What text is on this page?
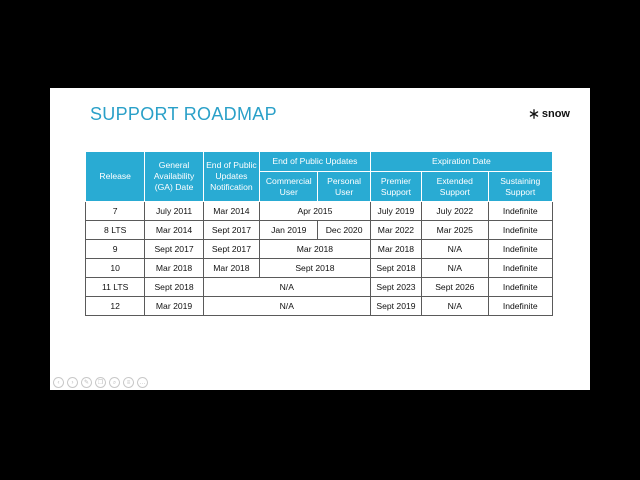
SUPPORT ROADMAP	snow
Release	General Availability (GA) Date	End of Public Updates Notification	End of Public Updates		Expiration Date		
			Commercial User	Personal User	Premier Support	Extended Support	Sustaining Support
7	July 2011	Mar 2014	Apr 2015		July 2019	July 2022	Indefinite
8 LTS	Mar 2014	Sept 2017	Jan 2019	Dec 2020	Mar 2022	Mar 2025	Indefinite
9	Sept 2017	Sept 2017	Mar 2018		Mar 2018	N/A	Indefinite
10	Mar 2018	Mar 2018	Sept 2018		Sept 2018	N/A	Indefinite
11 LTS	Sept 2018	N/A			Sept 2023	Sept 2026	Indefinite
12	Mar 2019	N/A			Sept 2019	N/A	Indefinite
‹	›	✎	❐	⌕	≡	…
